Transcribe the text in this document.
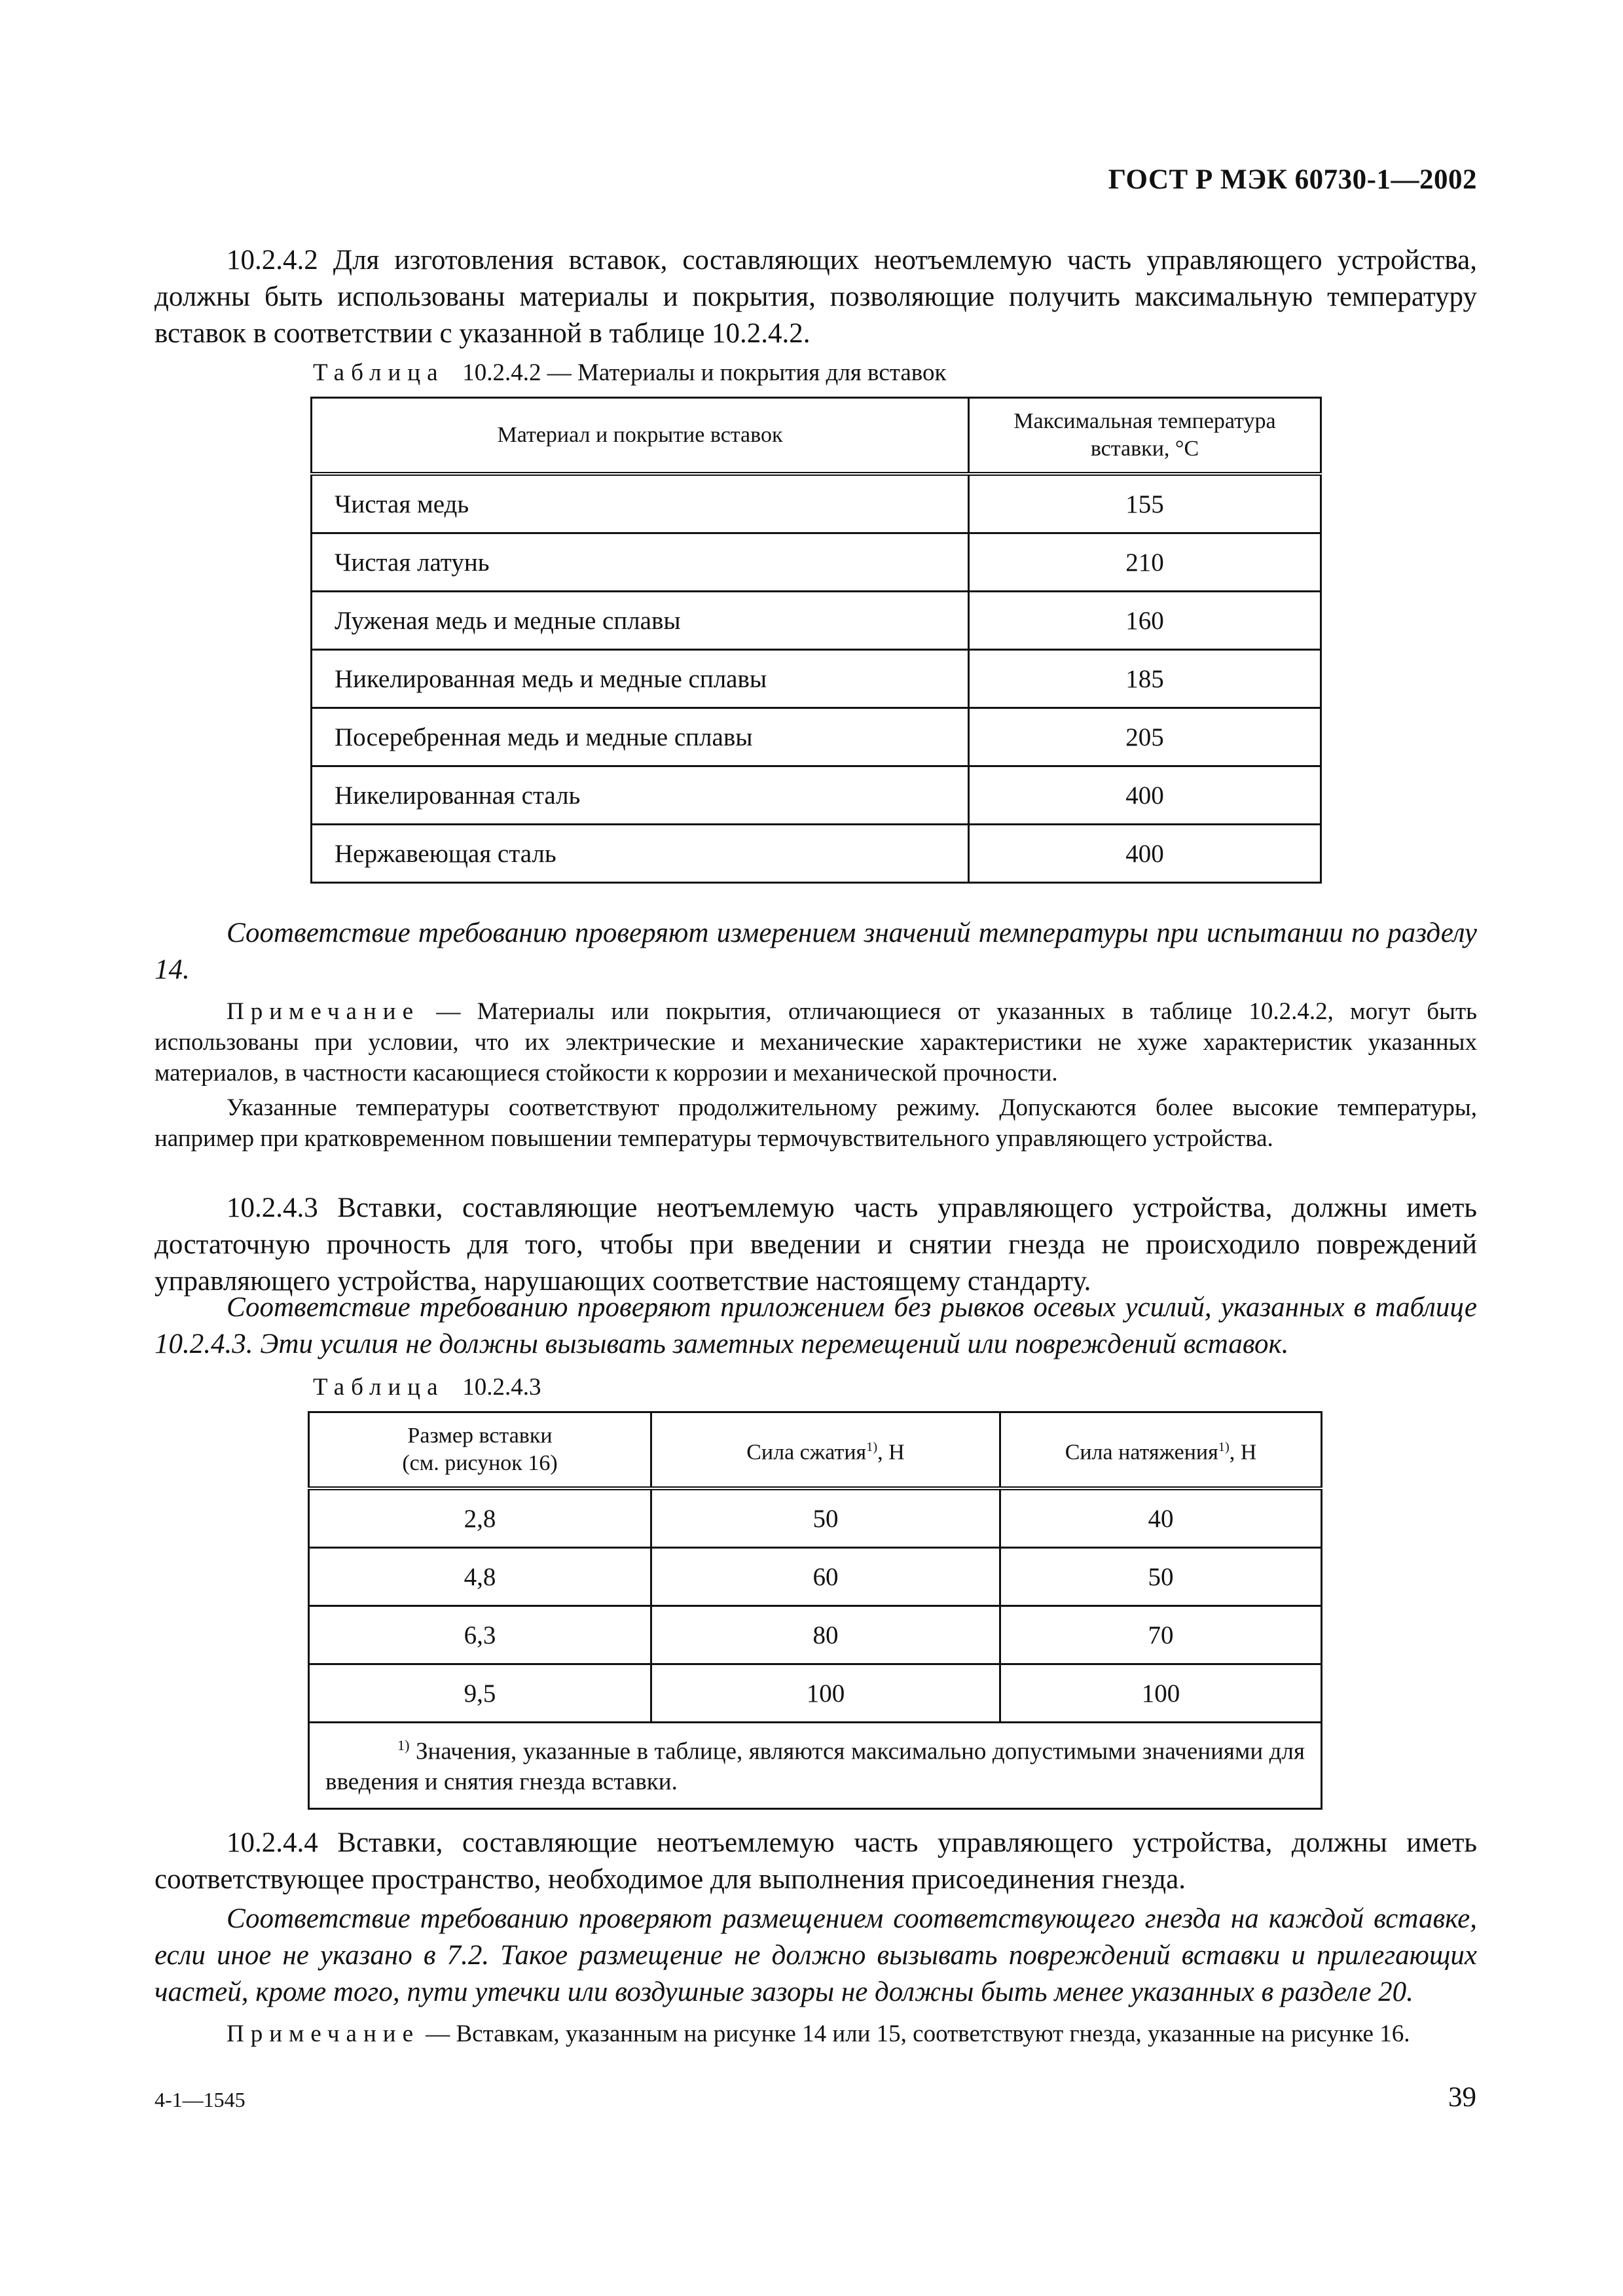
ГОСТ Р МЭК 60730-1—2002

10.2.4.2 Для изготовления вставок, составляющих неотъемлемую часть управляющего устройства, должны быть использованы материалы и покрытия, позволяющие получить максимальную температуру вставок в соответствии с указанной в таблице 10.2.4.2.

Таблица 10.2.4.2 — Материалы и покрытия для вставок
Материал и покрытие вставок	Максимальная температура
вставки, °С
Чистая медь	155
Чистая латунь	210
Луженая медь и медные сплавы	160
Никелированная медь и медные сплавы	185
Посеребренная медь и медные сплавы	205
Никелированная сталь	400
Нержавеющая сталь	400

Соответствие требованию проверяют измерением значений температуры при испытании по разделу 14.

Примечание — Материалы или покрытия, отличающиеся от указанных в таблице 10.2.4.2, могут быть использованы при условии, что их электрические и механические характеристики не хуже характеристик указанных материалов, в частности касающиеся стойкости к коррозии и механической прочности.

Указанные температуры соответствуют продолжительному режиму. Допускаются более высокие температуры, например при кратковременном повышении температуры термочувствительного управляющего устройства.

10.2.4.3 Вставки, составляющие неотъемлемую часть управляющего устройства, должны иметь достаточную прочность для того, чтобы при введении и снятии гнезда не происходило повреждений управляющего устройства, нарушающих соответствие настоящему стандарту.

Соответствие требованию проверяют приложением без рывков осевых усилий, указанных в таблице 10.2.4.3. Эти усилия не должны вызывать заметных перемещений или повреждений вставок.

Таблица 10.2.4.3
Размер вставки
(см. рисунок 16)	Сила сжатия$^{1)}$, Н	Сила натяжения$^{1)}$, Н
2,8	50	40
4,8	60	50
6,3	80	70
9,5	100	100

$^{1)}$ Значения, указанные в таблице, являются максимально допустимыми значениями для введения и снятия гнезда вставки.		

10.2.4.4 Вставки, составляющие неотъемлемую часть управляющего устройства, должны иметь соответствующее пространство, необходимое для выполнения присоединения гнезда.

Соответствие требованию проверяют размещением соответствующего гнезда на каждой вставке, если иное не указано в 7.2. Такое размещение не должно вызывать повреждений вставки и прилегающих частей, кроме того, пути утечки или воздушные зазоры не должны быть менее указанных в разделе 20.

Примечание — Вставкам, указанным на рисунке 14 или 15, соответствуют гнезда, указанные на рисунке 16.

4-1—1545	39
